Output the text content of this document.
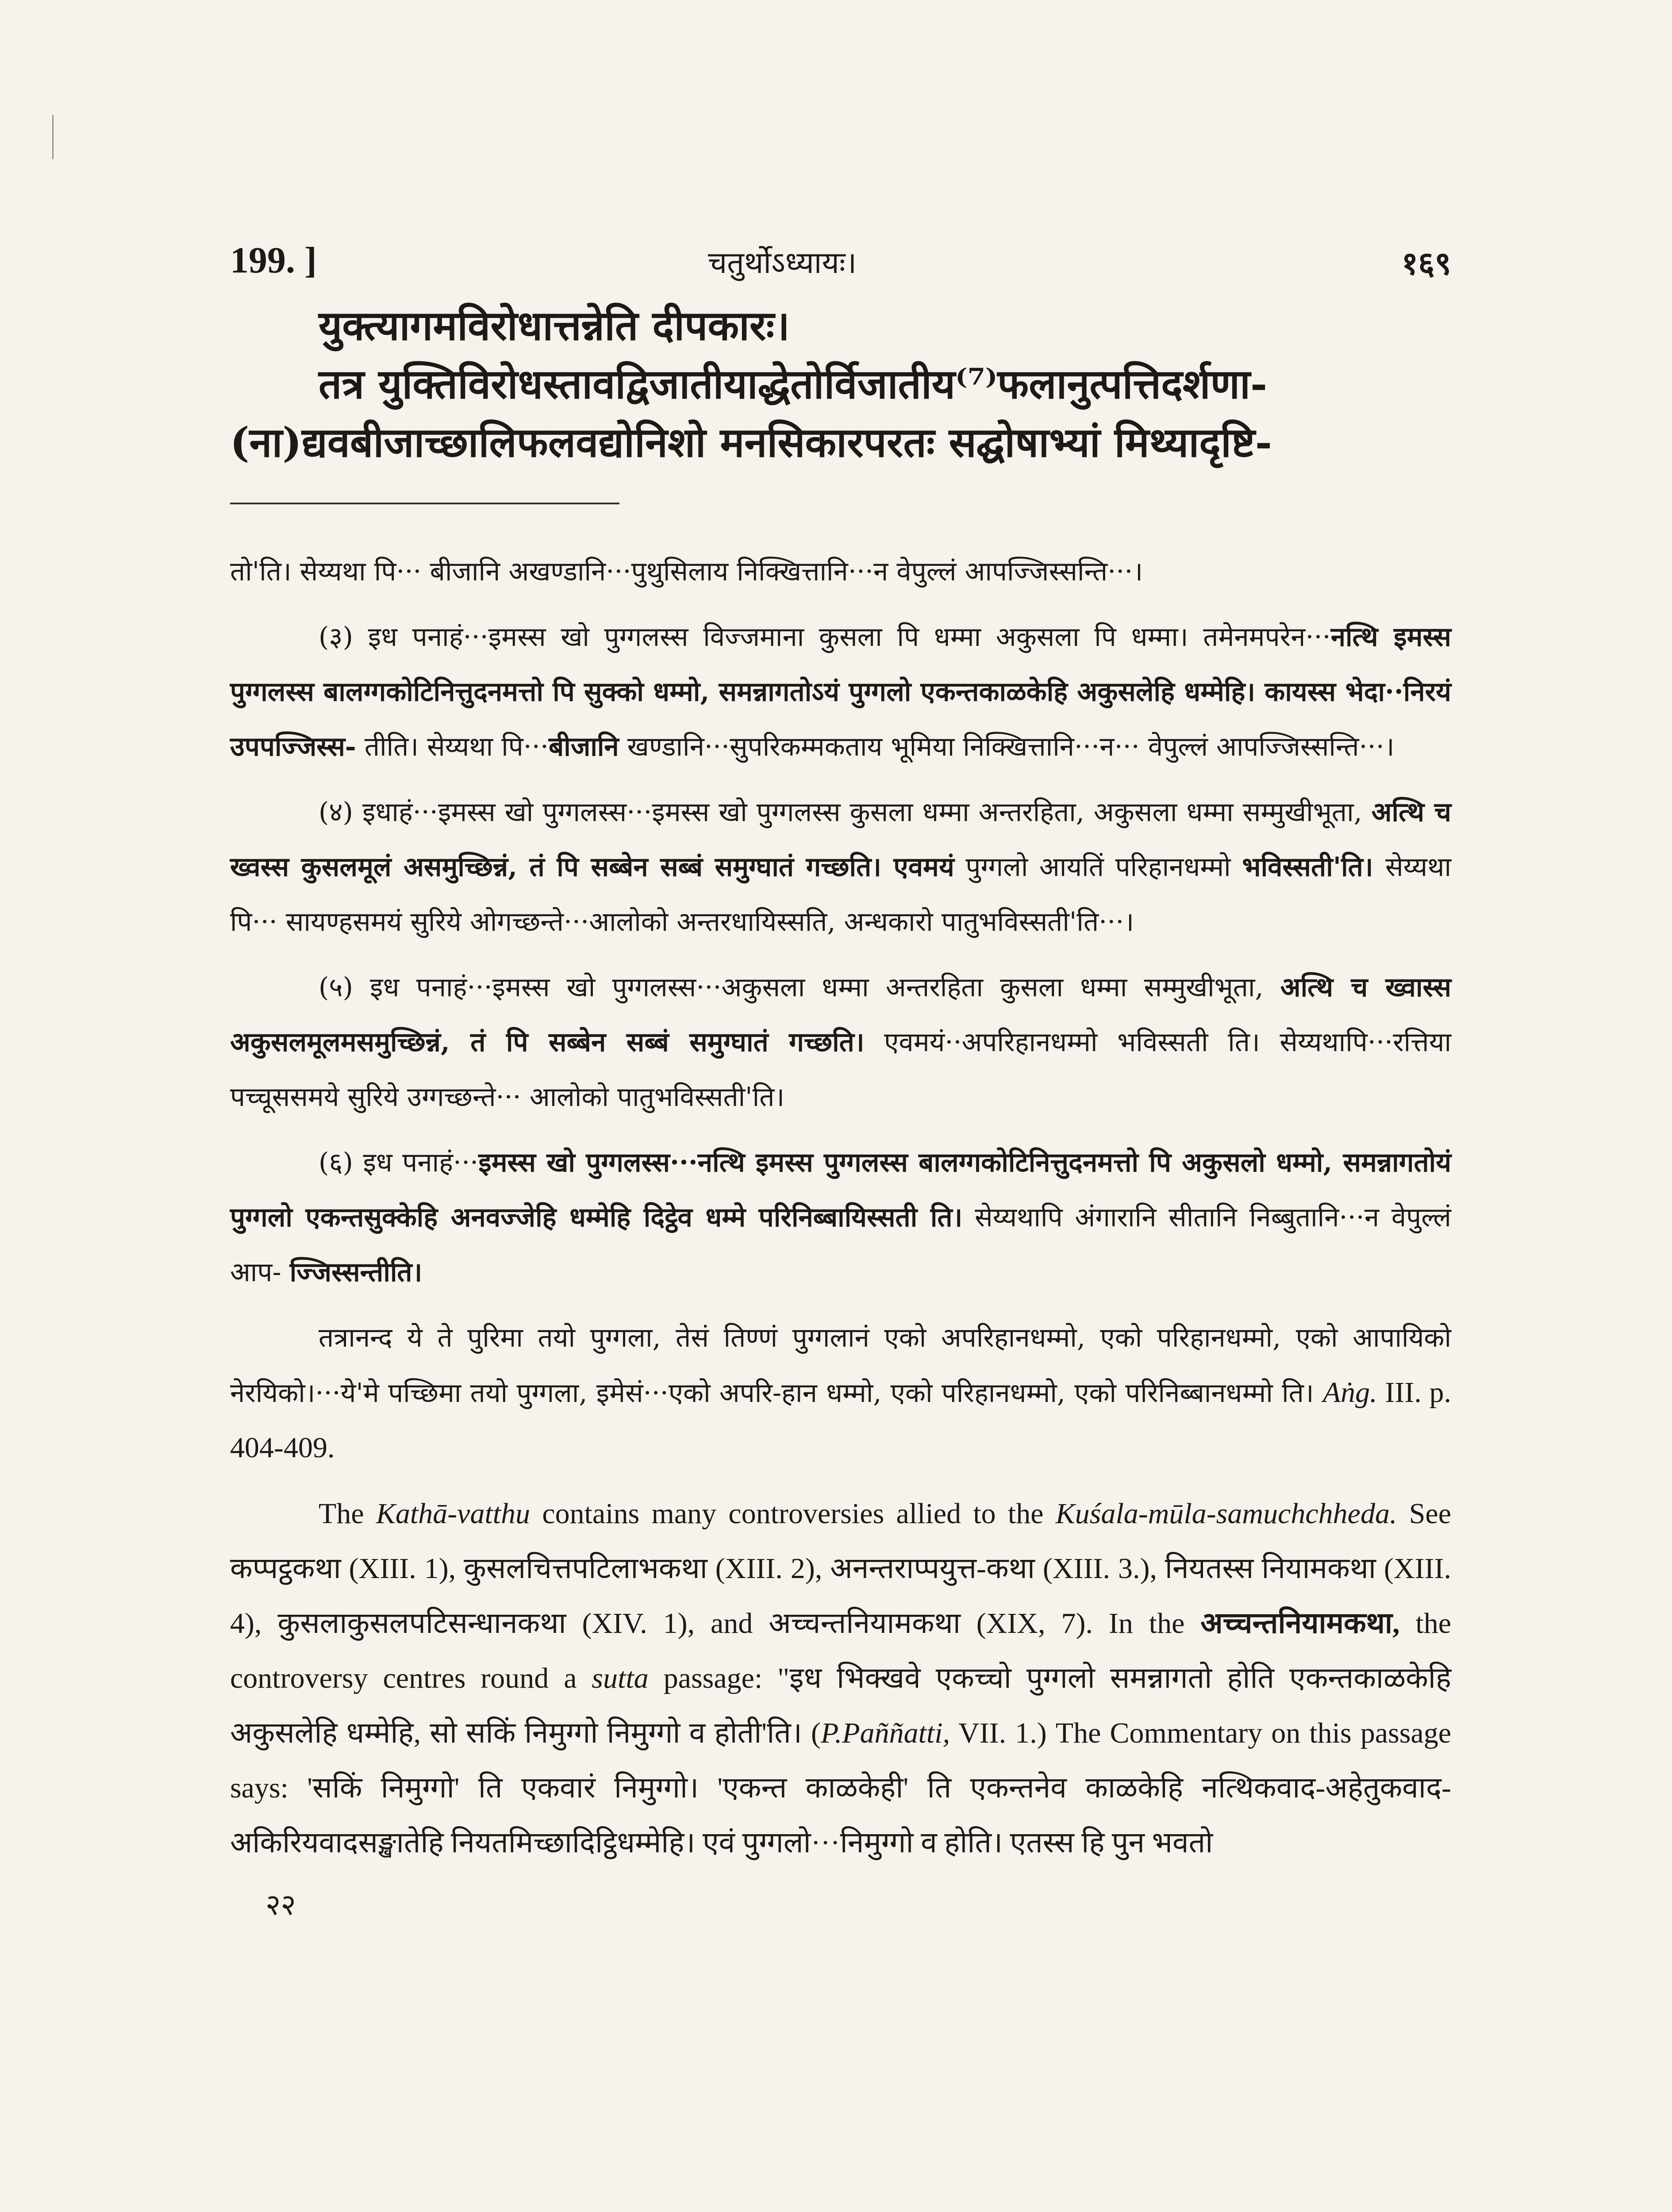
199. ]	चतुर्थोऽध्यायः।	१६९

युक्त्यागमविरोधात्तन्नेति दीपकारः।

तत्र युक्तिविरोधस्तावद्विजातीयाद्धेतोर्विजातीय⁽⁷⁾फलानुत्पत्तिदर्शणा-

(ना)द्यवबीजाच्छालिफलवद्योनिशो मनसिकारपरतः सद्घोषाभ्यां मिथ्यादृष्टि-

तो'ति। सेय्यथा पि··· बीजानि अखण्डानि···पुथुसिलाय निक्खित्तानि···न वेपुल्लं आपज्जिस्सन्ति···।

(३) इध पनाहं···इमस्स खो पुग्गलस्स विज्जमाना कुसला पि धम्मा अकुसला पि धम्मा। तमेनमपरेन···नत्थि इमस्स पुग्गलस्स बालग्गकोटिनित्तुदनमत्तो पि सुक्को धम्मो, समन्नागतोऽयं पुग्गलो एकन्तकाळकेहि अकुसलेहि धम्मेहि। कायस्स भेदा··निरयं उपपज्जिस्स- तीति। सेय्यथा पि···बीजानि खण्डानि···सुपरिकम्मकताय भूमिया निक्खित्तानि···न··· वेपुल्लं आपज्जिस्सन्ति···।

(४) इधाहं···इमस्स खो पुग्गलस्स···इमस्स खो पुग्गलस्स कुसला धम्मा अन्तरहिता, अकुसला धम्मा सम्मुखीभूता, अत्थि च ख्वस्स कुसलमूलं असमुच्छिन्नं, तं पि सब्बेन सब्बं समुग्घातं गच्छति। एवमयं पुग्गलो आयतिं परिहानधम्मो भविस्सती'ति। सेय्यथा पि··· सायण्हसमयं सुरिये ओगच्छन्ते···आलोको अन्तरधायिस्सति, अन्धकारो पातुभविस्सती'ति···।

(५) इध पनाहं···इमस्स खो पुग्गलस्स···अकुसला धम्मा अन्तरहिता कुसला धम्मा सम्मुखीभूता, अत्थि च ख्वास्स अकुसलमूलमसमुच्छिन्नं, तं पि सब्बेन सब्बं समुग्घातं गच्छति। एवमयं··अपरिहानधम्मो भविस्सती ति। सेय्यथापि···रत्तिया पच्चूससमये सुरिये उग्गच्छन्ते··· आलोको पातुभविस्सती'ति।

(६) इध पनाहं···इमस्स खो पुग्गलस्स···नत्थि इमस्स पुग्गलस्स बालग्गकोटिनित्तुदनमत्तो पि अकुसलो धम्मो, समन्नागतोयं पुग्गलो एकन्तसुक्केहि अनवज्जेहि धम्मेहि दिट्ठेव धम्मे परिनिब्बायिस्सती ति। सेय्यथापि अंगारानि सीतानि निब्बुतानि···न वेपुल्लं आप- ज्जिस्सन्तीति।

तत्रानन्द ये ते पुरिमा तयो पुग्गला, तेसं तिण्णं पुग्गलानं एको अपरिहानधम्मो, एको परिहानधम्मो, एको आपायिको नेरयिको।···ये'मे पच्छिमा तयो पुग्गला, इमेसं···एको अपरि-हान धम्मो, एको परिहानधम्मो, एको परिनिब्बानधम्मो ति। Aṅg. III. p. 404-409.

The Kathā-vatthu contains many controversies allied to the Kuśala-mūla-samuchchheda. See कप्पट्ठकथा (XIII. 1), कुसलचित्तपटिलाभकथा (XIII. 2), अनन्तराप्पयुत्त-कथा (XIII. 3.), नियतस्स नियामकथा (XIII. 4), कुसलाकुसलपटिसन्धानकथा (XIV. 1), and अच्चन्तनियामकथा (XIX, 7). In the अच्चन्तनियामकथा, the controversy centres round a sutta passage: "इध भिक्खवे एकच्चो पुग्गलो समन्नागतो होति एकन्तकाळकेहि अकुसलेहि धम्मेहि, सो सकिं निमुग्गो निमुग्गो व होती'ति। (P.Paññatti, VII. 1.) The Commentary on this passage says: 'सकिं निमुग्गो' ति एकवारं निमुग्गो। 'एकन्त काळकेही' ति एकन्तनेव काळकेहि नत्थिकवाद-अहेतुकवाद-अकिरियवादसङ्खातेहि नियतमिच्छादिट्ठिधम्मेहि। एवं पुग्गलो···निमुग्गो व होति। एतस्स हि पुन भवतो

२२
